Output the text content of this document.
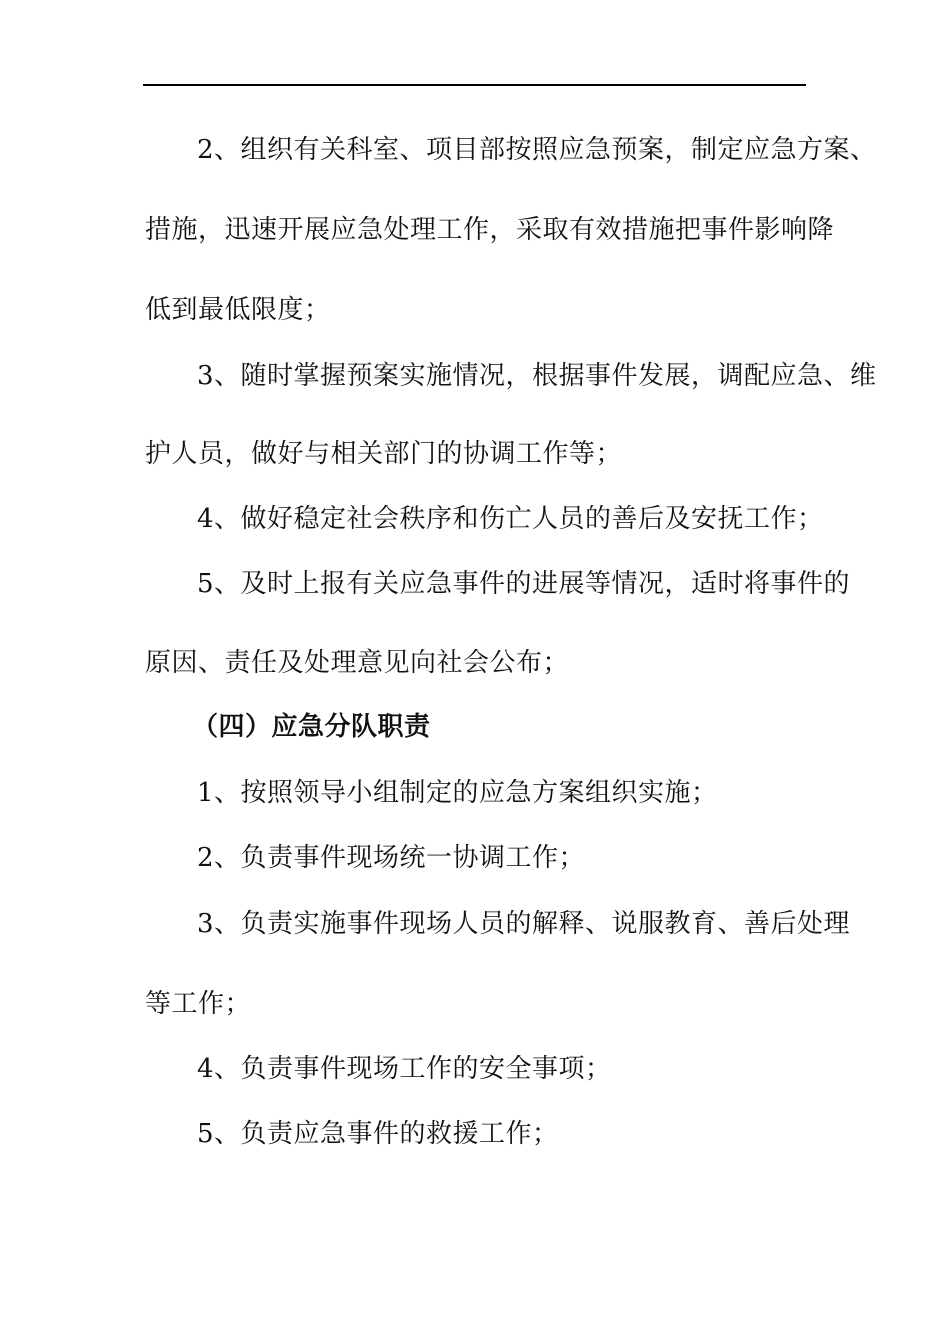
2、组织有关科室、项目部按照应急预案，制定应急方案、
措施，迅速开展应急处理工作，采取有效措施把事件影响降
低到最低限度；
3、随时掌握预案实施情况，根据事件发展，调配应急、维
护人员，做好与相关部门的协调工作等；
4、做好稳定社会秩序和伤亡人员的善后及安抚工作；
5、及时上报有关应急事件的进展等情况，适时将事件的
原因、责任及处理意见向社会公布；
（四）应急分队职责
1、按照领导小组制定的应急方案组织实施；
2、负责事件现场统一协调工作；
3、负责实施事件现场人员的解释、说服教育、善后处理
等工作；
4、负责事件现场工作的安全事项；
5、负责应急事件的救援工作；
